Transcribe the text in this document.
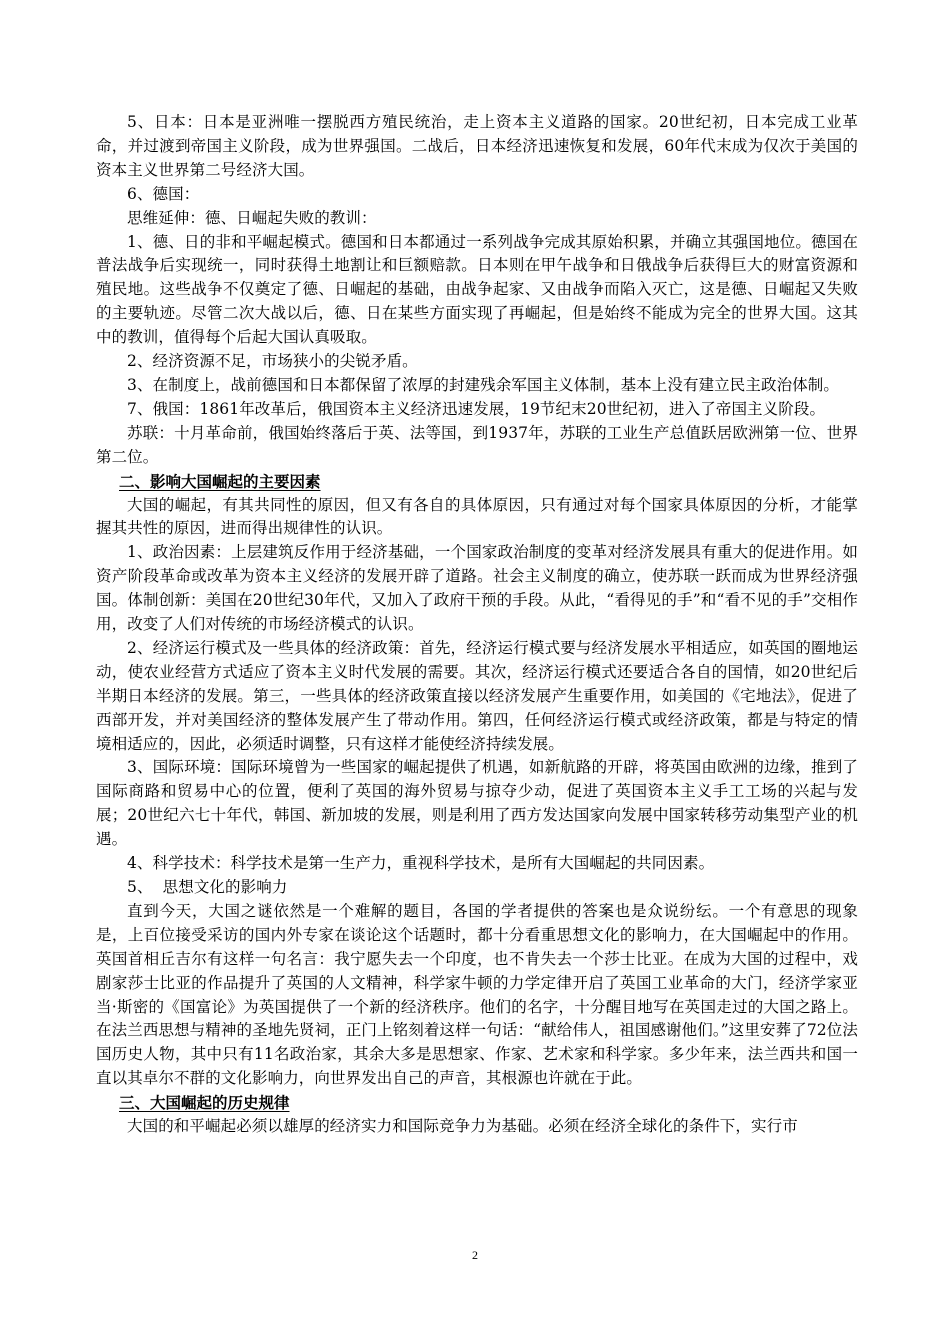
5、日本：日本是亚洲唯一摆脱西方殖民统治，走上资本主义道路的国家。20世纪初，日本完成工业革命，并过渡到帝国主义阶段，成为世界强国。二战后，日本经济迅速恢复和发展，60年代末成为仅次于美国的资本主义世界第二号经济大国。

6、德国：

思维延伸：德、日崛起失败的教训：

1、德、日的非和平崛起模式。德国和日本都通过一系列战争完成其原始积累，并确立其强国地位。德国在普法战争后实现统一，同时获得土地割让和巨额赔款。日本则在甲午战争和日俄战争后获得巨大的财富资源和殖民地。这些战争不仅奠定了德、日崛起的基础，由战争起家、又由战争而陷入灭亡，这是德、日崛起又失败的主要轨迹。尽管二次大战以后，德、日在某些方面实现了再崛起，但是始终不能成为完全的世界大国。这其中的教训，值得每个后起大国认真吸取。

2、经济资源不足，市场狭小的尖锐矛盾。

3、在制度上，战前德国和日本都保留了浓厚的封建残余军国主义体制，基本上没有建立民主政治体制。

7、俄国：1861年改革后，俄国资本主义经济迅速发展，19节纪末20世纪初，进入了帝国主义阶段。

苏联：十月革命前，俄国始终落后于英、法等国，到1937年，苏联的工业生产总值跃居欧洲第一位、世界第二位。

二、影响大国崛起的主要因素

大国的崛起，有其共同性的原因，但又有各自的具体原因，只有通过对每个国家具体原因的分析，才能掌握其共性的原因，进而得出规律性的认识。

1、政治因素：上层建筑反作用于经济基础，一个国家政治制度的变革对经济发展具有重大的促进作用。如资产阶段革命或改革为资本主义经济的发展开辟了道路。社会主义制度的确立，使苏联一跃而成为世界经济强国。体制创新：美国在20世纪30年代，又加入了政府干预的手段。从此，“看得见的手”和“看不见的手”交相作用，改变了人们对传统的市场经济模式的认识。

2、经济运行模式及一些具体的经济政策：首先，经济运行模式要与经济发展水平相适应，如英国的圈地运动，使农业经营方式适应了资本主义时代发展的需要。其次，经济运行模式还要适合各自的国情，如20世纪后半期日本经济的发展。第三，一些具体的经济政策直接以经济发展产生重要作用，如美国的《宅地法》，促进了西部开发，并对美国经济的整体发展产生了带动作用。第四，任何经济运行模式或经济政策，都是与特定的情境相适应的，因此，必须适时调整，只有这样才能使经济持续发展。

3、国际环境：国际环境曾为一些国家的崛起提供了机遇，如新航路的开辟，将英国由欧洲的边缘，推到了国际商路和贸易中心的位置，便利了英国的海外贸易与掠夺少动，促进了英国资本主义手工工场的兴起与发展；20世纪六七十年代，韩国、新加坡的发展，则是利用了西方发达国家向发展中国家转移劳动集型产业的机遇。

4、科学技术：科学技术是第一生产力，重视科学技术，是所有大国崛起的共同因素。

5、  思想文化的影响力

直到今天，大国之谜依然是一个难解的题目，各国的学者提供的答案也是众说纷纭。一个有意思的现象是，上百位接受采访的国内外专家在谈论这个话题时，都十分看重思想文化的影响力，在大国崛起中的作用。英国首相丘吉尔有这样一句名言：我宁愿失去一个印度，也不肯失去一个莎士比亚。在成为大国的过程中，戏剧家莎士比亚的作品提升了英国的人文精神，科学家牛顿的力学定律开启了英国工业革命的大门，经济学家亚当·斯密的《国富论》为英国提供了一个新的经济秩序。他们的名字，十分醒目地写在英国走过的大国之路上。在法兰西思想与精神的圣地先贤祠，正门上铭刻着这样一句话：“献给伟人，祖国感谢他们。”这里安葬了72位法国历史人物，其中只有11名政治家，其余大多是思想家、作家、艺术家和科学家。多少年来，法兰西共和国一直以其卓尔不群的文化影响力，向世界发出自己的声音，其根源也许就在于此。

三、大国崛起的历史规律

大国的和平崛起必须以雄厚的经济实力和国际竞争力为基础。必须在经济全球化的条件下，实行市

2
